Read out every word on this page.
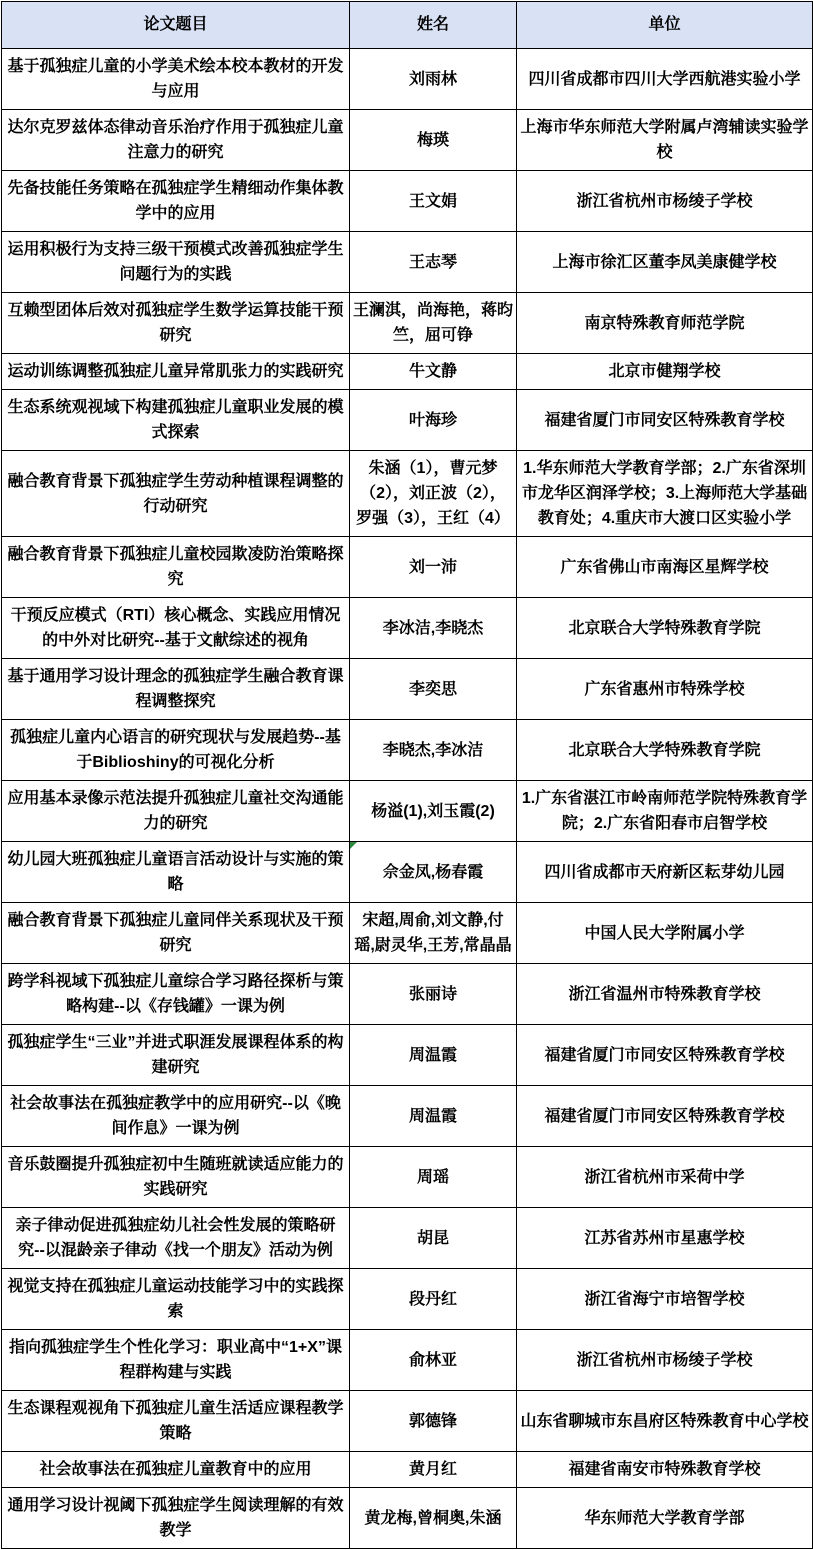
论文题目	姓名	单位
基于孤独症儿童的小学美术绘本校本教材的开发与应用	刘雨林	四川省成都市四川大学西航港实验小学
达尔克罗兹体态律动音乐治疗作用于孤独症儿童注意力的研究	梅瑛	上海市华东师范大学附属卢湾辅读实验学校
先备技能任务策略在孤独症学生精细动作集体教学中的应用	王文娟	浙江省杭州市杨绫子学校
运用积极行为支持三级干预模式改善孤独症学生问题行为的实践	王志琴	上海市徐汇区董李凤美康健学校
互赖型团体后效对孤独症学生数学运算技能干预研究	王澜淇，尚海艳，蒋昀竺，屈可铮	南京特殊教育师范学院
运动训练调整孤独症儿童异常肌张力的实践研究	牛文静	北京市健翔学校
生态系统观视域下构建孤独症儿童职业发展的模式探索	叶海珍	福建省厦门市同安区特殊教育学校
融合教育背景下孤独症学生劳动种植课程调整的行动研究	朱涵（1），曹元梦（2），刘正波（2），罗强（3），王红（4）	1.华东师范大学教育学部；2.广东省深圳市龙华区润泽学校；3.上海师范大学基础教育处；4.重庆市大渡口区实验小学
融合教育背景下孤独症儿童校园欺凌防治策略探究	刘一沛	广东省佛山市南海区星辉学校
干预反应模式（RTI）核心概念、实践应用情况的中外对比研究--基于文献综述的视角	李冰洁,李晓杰	北京联合大学特殊教育学院
基于通用学习设计理念的孤独症学生融合教育课程调整探究	李奕思	广东省惠州市特殊学校
孤独症儿童内心语言的研究现状与发展趋势--基于Biblioshiny的可视化分析	李晓杰,李冰洁	北京联合大学特殊教育学院
应用基本录像示范法提升孤独症儿童社交沟通能力的研究	杨溢(1),刘玉霞(2)	1.广东省湛江市岭南师范学院特殊教育学院；2.广东省阳春市启智学校
幼儿园大班孤独症儿童语言活动设计与实施的策略	佘金凤,杨春霞	四川省成都市天府新区耘芽幼儿园
融合教育背景下孤独症儿童同伴关系现状及干预研究	宋超,周俞,刘文静,付瑶,尉灵华,王芳,常晶晶	中国人民大学附属小学
跨学科视域下孤独症儿童综合学习路径探析与策略构建--以《存钱罐》一课为例	张丽诗	浙江省温州市特殊教育学校
孤独症学生“三业”并进式职涯发展课程体系的构建研究	周温霞	福建省厦门市同安区特殊教育学校
社会故事法在孤独症教学中的应用研究--以《晚间作息》一课为例	周温霞	福建省厦门市同安区特殊教育学校
音乐鼓圈提升孤独症初中生随班就读适应能力的实践研究	周瑶	浙江省杭州市采荷中学
亲子律动促进孤独症幼儿社会性发展的策略研究--以混龄亲子律动《找一个朋友》活动为例	胡昆	江苏省苏州市星惠学校
视觉支持在孤独症儿童运动技能学习中的实践探索	段丹红	浙江省海宁市培智学校
指向孤独症学生个性化学习：职业高中“1+X”课程群构建与实践	俞林亚	浙江省杭州市杨绫子学校
生态课程观视角下孤独症儿童生活适应课程教学策略	郭德锋	山东省聊城市东昌府区特殊教育中心学校
社会故事法在孤独症儿童教育中的应用	黄月红	福建省南安市特殊教育学校
通用学习设计视阈下孤独症学生阅读理解的有效教学	黄龙梅,曾桐奥,朱涵	华东师范大学教育学部
